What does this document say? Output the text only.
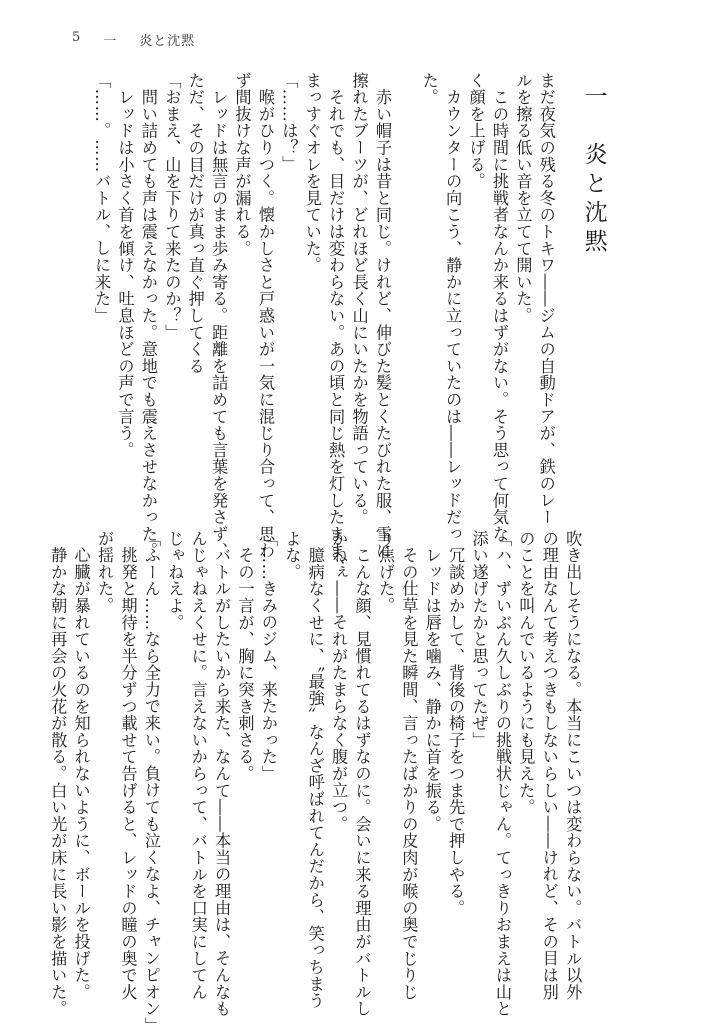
5 一 炎と沈黙

一　炎と沈黙

まだ夜気の残る冬のトキワ――ジムの自動ドアが、鉄のレー
ルを擦る低い音を立てて開いた。
　この時間に挑戦者なんか来るはずがない。そう思って何気な
く顔を上げる。
　カウンターの向こう、静かに立っていたのは――レッドだっ
た。
　赤い帽子は昔と同じ。けれど、伸びた髪とくたびれた服、雪に
擦れたブーツが、どれほど長く山にいたかを物語っている。
　それでも、目だけは変わらない。あの頃と同じ熱を灯したまま、
まっすぐオレを見ていた。
「……は？」
　喉がひりつく。懐かしさと戸惑いが一気に混じり合って、思わ
ず間抜けな声が漏れる。
　レッドは無言のまま歩み寄る。距離を詰めても言葉を発さず、
ただ、その目だけが真っ直ぐ押してくる
「おまえ、山を下りて来たのか？」
　問い詰めても声は震えなかった。意地でも震えさせなかった。
　レッドは小さく首を傾け、吐息ほどの声で言う。
「……。……バトル、しに来た」

吹き出しそうになる。本当にこいつは変わらない。バトル以外
の理由なんて考えつきもしないらしい――けれど、その目は別
のことを叫んでいるようにも見えた。
「ハ、ずいぶん久しぶりの挑戦状じゃん。てっきりおまえは山と
添い遂げたかと思ってたぜ」
　冗談めかして、背後の椅子をつま先で押しやる。
　レッドは唇を噛み、静かに首を振る。
　その仕草を見た瞬間、言ったばかりの皮肉が喉の奥でじりじ
り焦げた。
　こんな顔、見慣れてるはずなのに。会いに来る理由がバトルし
かねぇ――それがたまらなく腹が立つ。
　臆病なくせに、〝最強〟なんざ呼ばれてんだから、笑っちまう
よな。
「……きみのジム、来たかった」
　その一言が、胸に突き刺さる。
　バトルがしたいから来た、なんて――本当の理由は、そんなも
んじゃねえくせに。言えないからって、バトルを口実にしてん
じゃねえよ。
「ふーん……なら全力で来い。負けても泣くなよ、チャンピオン」
　挑発と期待を半分ずつ載せて告げると、レッドの瞳の奥で火
が揺れた。
　心臓が暴れているのを知られないように、ボールを投げた。
　静かな朝に再会の火花が散る。白い光が床に長い影を描いた。
